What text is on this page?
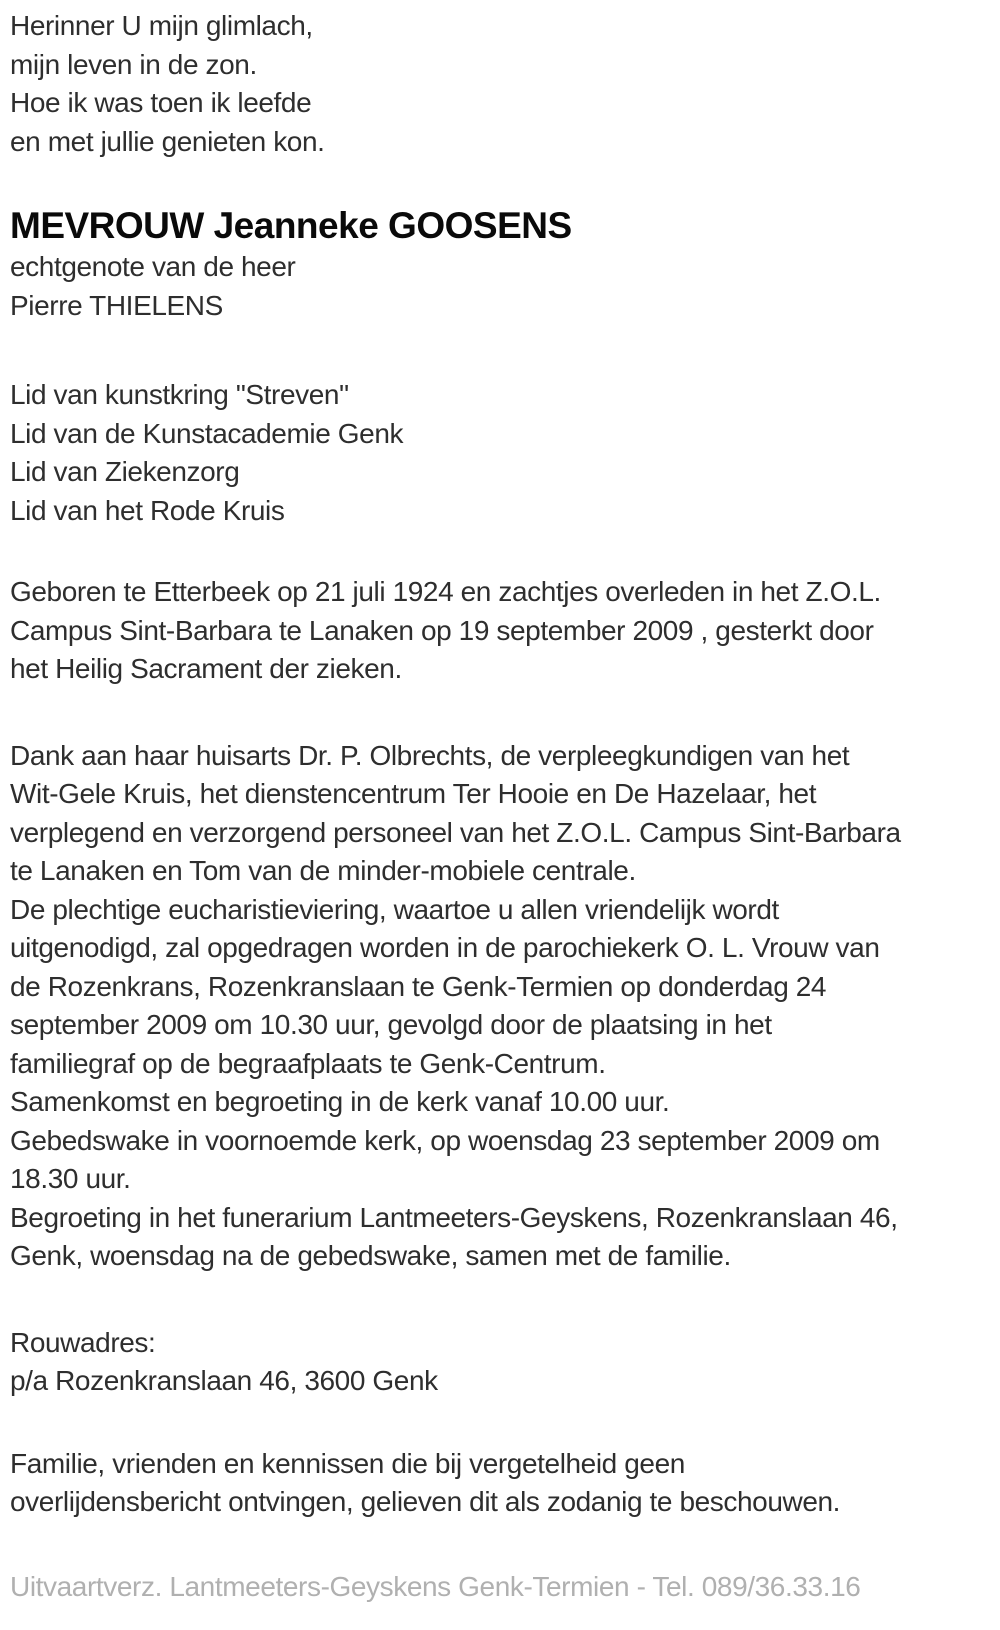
Herinner U mijn glimlach,
mijn leven in de zon.
Hoe ik was toen ik leefde
en met jullie genieten kon.
MEVROUW Jeanneke GOOSENS
echtgenote van de heer
Pierre THIELENS
Lid van kunstkring "Streven"
Lid van de Kunstacademie Genk
Lid van Ziekenzorg
Lid van het Rode Kruis
Geboren te Etterbeek op 21 juli 1924 en zachtjes overleden in het Z.O.L.
Campus Sint-Barbara te Lanaken op 19 september 2009 , gesterkt door
het Heilig Sacrament der zieken.
Dank aan haar huisarts Dr. P. Olbrechts, de verpleegkundigen van het
Wit-Gele Kruis, het dienstencentrum Ter Hooie en De Hazelaar, het
verplegend en verzorgend personeel van het Z.O.L. Campus Sint-Barbara
te Lanaken en Tom van de minder-mobiele centrale.
De plechtige eucharistieviering, waartoe u allen vriendelijk wordt
uitgenodigd, zal opgedragen worden in de parochiekerk O. L. Vrouw van
de Rozenkrans, Rozenkranslaan te Genk-Termien op donderdag 24
september 2009 om 10.30 uur, gevolgd door de plaatsing in het
familiegraf op de begraafplaats te Genk-Centrum.
Samenkomst en begroeting in de kerk vanaf 10.00 uur.
Gebedswake in voornoemde kerk, op woensdag 23 september 2009 om
18.30 uur.
Begroeting in het funerarium Lantmeeters-Geyskens, Rozenkranslaan 46,
Genk, woensdag na de gebedswake, samen met de familie.
Rouwadres:
p/a Rozenkranslaan 46, 3600 Genk
Familie, vrienden en kennissen die bij vergetelheid geen
overlijdensbericht ontvingen, gelieven dit als zodanig te beschouwen.
Uitvaartverz. Lantmeeters-Geyskens Genk-Termien - Tel. 089/36.33.16
